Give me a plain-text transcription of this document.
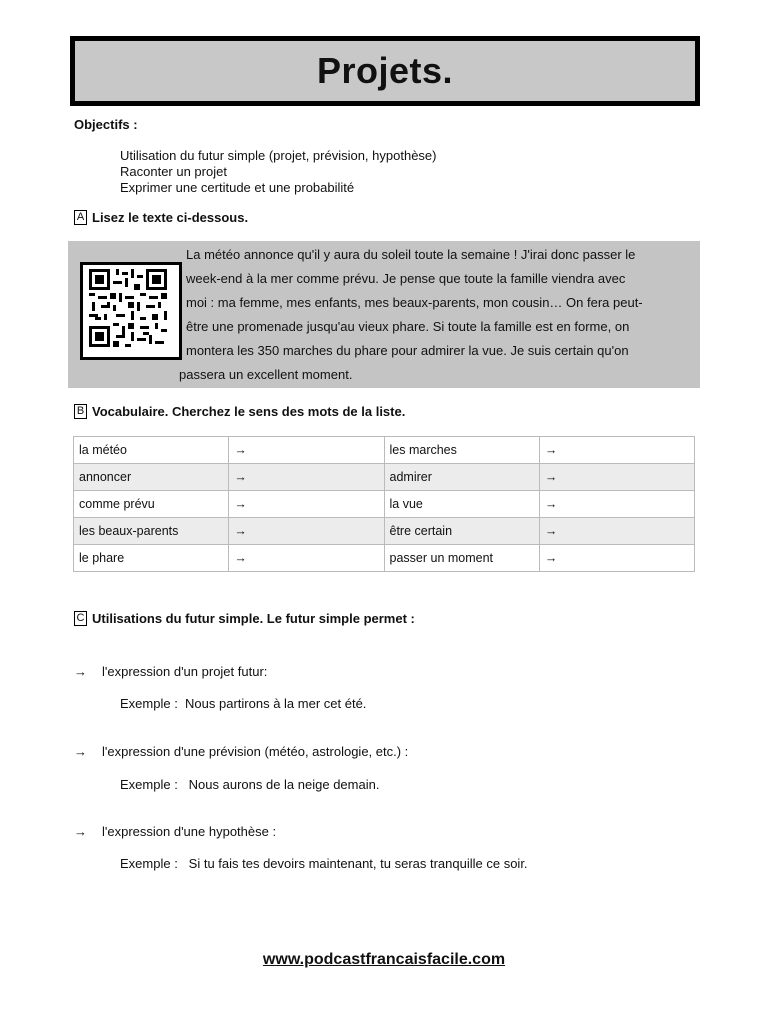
Projets.
Objectifs :
Utilisation du futur simple (projet, prévision, hypothèse)
Raconter un projet
Exprimer une certitude et une probabilité
A Lisez le texte ci-dessous.

La météo annonce qu'il y aura du soleil toute la semaine ! J'irai donc passer le
week-end à la mer comme prévu. Je pense que toute la famille viendra avec
moi : ma femme, mes enfants, mes beaux-parents, mon cousin… On fera peut-
être une promenade jusqu'au vieux phare. Si toute la famille est en forme, on
montera les 350 marches du phare pour admirer la vue. Je suis certain qu'on
passera un excellent moment.

B Vocabulaire. Cherchez le sens des mots de la liste.
la météo	→	les marches	→
annoncer	→	admirer	→
comme prévu	→	la vue	→
les beaux-parents	→	être certain	→
le phare	→	passer un moment	→
C Utilisations du futur simple. Le futur simple permet :
→ l'expression d'un projet futur:
Exemple : Nous partirons à la mer cet été.
→ l'expression d'une prévision (météo, astrologie, etc.) :
Exemple : Nous aurons de la neige demain.
→ l'expression d'une hypothèse :
Exemple : Si tu fais tes devoirs maintenant, tu seras tranquille ce soir.
www.podcastfrancaisfacile.com
